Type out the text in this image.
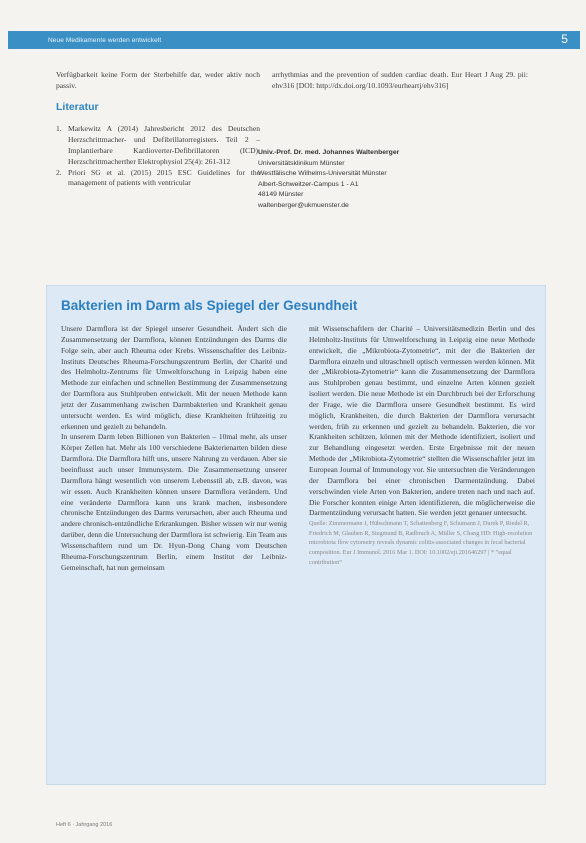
Neue Medikamente werden entwickelt	5

Verfügbarkeit keine Form der Sterbehilfe dar, weder aktiv noch passiv.

Literatur
1. Markewitz A (2014) Jahresbericht 2012 des Deutschen Herzschrittmacher- und Defibrillatorregisters. Teil 2 – Implantierbare Kardioverter-Defibrillatoren (ICD). Herzschrittmacherther Elektrophysiol 25(4): 261-312
2. Priori SG et al. (2015) 2015 ESC Guidelines for the management of patients with ventricular

arrhythmias and the prevention of sudden cardiac death. Eur Heart J Aug 29. pii: ehv316 [DOI: http://dx.doi.org/10.1093/eurheartj/ehv316]

Univ.-Prof. Dr. med. Johannes Waltenberger
Universitätsklinikum Münster
Westfälische Wilhelms-Universität Münster
Albert-Schweitzer-Campus 1 - A1
48149 Münster
waltenberger@ukmuenster.de
Bakterien im Darm als Spiegel der Gesundheit

Unsere Darmflora ist der Spiegel unserer Gesundheit. Ändert sich die Zusammensetzung der Darmflora, können Entzündungen des Darms die Folge sein, aber auch Rheuma oder Krebs. Wissenschaftler des Leibniz-Instituts Deutsches Rheuma-Forschungszentrum Berlin, der Charité und des Helmholtz-Zentrums für Umweltforschung in Leipzig haben eine Methode zur einfachen und schnellen Bestimmung der Zusammensetzung der Darmflora aus Stuhlproben entwickelt. Mit der neuen Methode kann jetzt der Zusammenhang zwischen Darmbakterien und Krankheit genau untersucht werden. Es wird möglich, diese Krankheiten frühzeitig zu erkennen und gezielt zu behandeln.

In unserem Darm leben Billionen von Bakterien – 10mal mehr, als unser Körper Zellen hat. Mehr als 100 verschiedene Bakterienarten bilden diese Darmflora. Die Darmflora hilft uns, unsere Nahrung zu verdauen. Aber sie beeinflusst auch unser Immunsystem. Die Zusammensetzung unserer Darmflora hängt wesentlich von unserem Lebensstil ab, z.B. davon, was wir essen. Auch Krankheiten können unsere Darmflora verändern. Und eine veränderte Darmflora kann uns krank machen, insbesondere chronische Entzündungen des Darms verursachen, aber auch Rheuma und andere chronisch-entzündliche Erkrankungen. Bisher wissen wir nur wenig darüber, denn die Untersuchung der Darmflora ist schwierig. Ein Team aus Wissenschaftlern rund um Dr. Hyun-Dong Chang vom Deutschen Rheuma-Forschungszentrum Berlin, einem Institut der Leibniz-Gemeinschaft, hat nun gemeinsam

mit Wissenschaftlern der Charité – Universitätsmedizin Berlin und des Helmholtz-Instituts für Umweltforschung in Leipzig eine neue Methode entwickelt, die „Mikrobiota-Zytometrie“, mit der die Bakterien der Darmflora einzeln und ultraschnell optisch vermessen werden können. Mit der „Mikrobiota-Zytometrie“ kann die Zusammensetzung der Darmflora aus Stuhlproben genau bestimmt, und einzelne Arten können gezielt isoliert werden. Die neue Methode ist ein Durchbruch bei der Erforschung der Frage, wie die Darmflora unsere Gesundheit bestimmt. Es wird möglich, Krankheiten, die durch Bakterien der Darmflora verursacht werden, früh zu erkennen und gezielt zu behandeln. Bakterien, die vor Krankheiten schützen, können mit der Methode identifiziert, isoliert und zur Behandlung eingesetzt werden. Erste Ergebnisse mit der neuen Methode der „Mikrobiota-Zytometrie“ stellten die Wissenschaftler jetzt im European Journal of Immunology vor. Sie untersuchten die Veränderungen der Darmflora bei einer chronischen Darmentzündung. Dabei verschwinden viele Arten von Bakterien, andere treten nach und nach auf. Die Forscher konnten einige Arten identifizieren, die möglicherweise die Darmentzündung verursacht hatten. Sie werden jetzt genauer untersucht.

Quelle: Zimmermann J, Hübschmann T, Schattenberg F, Schumann J, Durek P, Riedel R, Friedrich M, Glauben R, Siegmund B, Radbruch A, Müller S, Chang HD: High-resolution microbiota flow cytometry reveals dynamic colitis-associated changes in fecal bacterial composition. Eur J Immunol. 2016 Mar 1. DOI: 10.1002/eji.201646297 | * ”equal contribution”

Heft 6 · Jahrgang 2016
